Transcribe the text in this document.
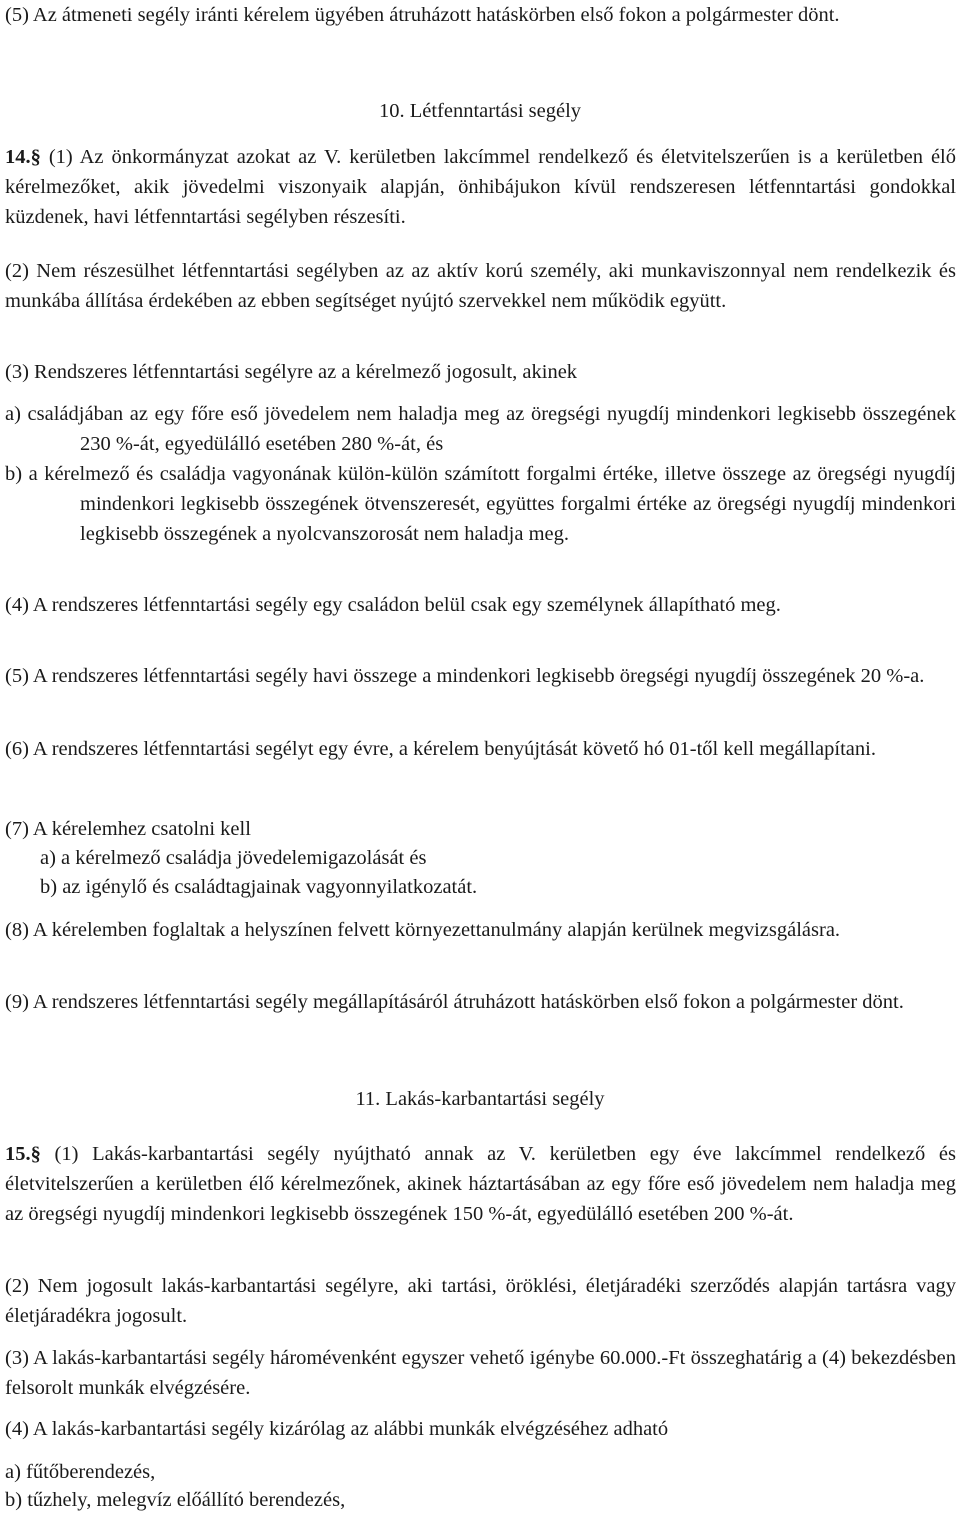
(5) Az átmeneti segély iránti kérelem ügyében átruházott hatáskörben első fokon a polgármester dönt.

10. Létfenntartási segély

14.§ (1) Az önkormányzat azokat az V. kerületben lakcímmel rendelkező és életvitelszerűen is a kerületben élő kérelmezőket, akik jövedelmi viszonyaik alapján, önhibájukon kívül rendszeresen létfenntartási gondokkal küzdenek, havi létfenntartási segélyben részesíti.

(2) Nem részesülhet létfenntartási segélyben az az aktív korú személy, aki munkaviszonnyal nem rendelkezik és munkába állítása érdekében az ebben segítséget nyújtó szervekkel nem működik együtt.

(3) Rendszeres létfenntartási segélyre az a kérelmező jogosult, akinek

a) családjában az egy főre eső jövedelem nem haladja meg az öregségi nyugdíj mindenkori legkisebb összegének 230 %-át, egyedülálló esetében 280 %-át, és

b) a kérelmező és családja vagyonának külön-külön számított forgalmi értéke, illetve összege az öregségi nyugdíj mindenkori legkisebb összegének ötvenszeresét, együttes forgalmi értéke az öregségi nyugdíj mindenkori legkisebb összegének a nyolcvanszorosát nem haladja meg.

(4) A rendszeres létfenntartási segély egy családon belül csak egy személynek állapítható meg.

(5) A rendszeres létfenntartási segély havi összege a mindenkori legkisebb öregségi nyugdíj összegének 20 %-a.

(6) A rendszeres létfenntartási segélyt egy évre, a kérelem benyújtását követő hó 01-től kell megállapítani.

(7) A kérelemhez csatolni kell

a) a kérelmező családja jövedelemigazolását és

b) az igénylő és családtagjainak vagyonnyilatkozatát.

(8) A kérelemben foglaltak a helyszínen felvett környezettanulmány alapján kerülnek megvizsgálásra.

(9) A rendszeres létfenntartási segély megállapításáról átruházott hatáskörben első fokon a polgármester dönt.

11. Lakás-karbantartási segély

15.§ (1) Lakás-karbantartási segély nyújtható annak az V. kerületben egy éve lakcímmel rendelkező és életvitelszerűen a kerületben élő kérelmezőnek, akinek háztartásában az egy főre eső jövedelem nem haladja meg az öregségi nyugdíj mindenkori legkisebb összegének 150 %-át, egyedülálló esetében 200 %-át.

(2) Nem jogosult lakás-karbantartási segélyre, aki tartási, öröklési, életjáradéki szerződés alapján tartásra vagy életjáradékra jogosult.

(3) A lakás-karbantartási segély háromévenként egyszer vehető igénybe 60.000.-Ft összeghatárig a (4) bekezdésben felsorolt munkák elvégzésére.

(4) A lakás-karbantartási segély kizárólag az alábbi munkák elvégzéséhez adható

a) fűtőberendezés,

b) tűzhely, melegvíz előállító berendezés,
